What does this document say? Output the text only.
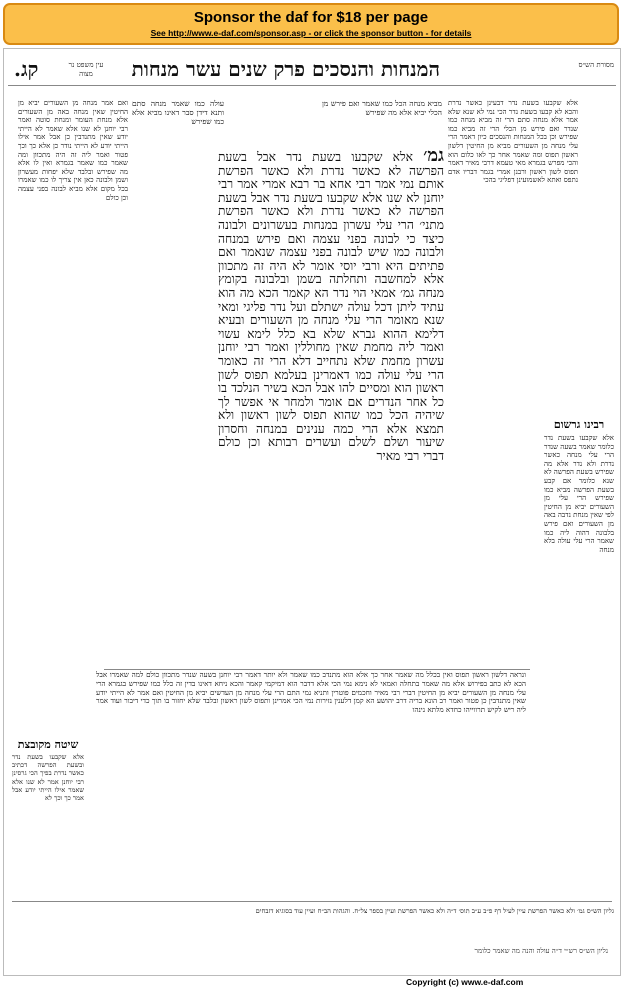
Sponsor the daf for $18 per page
See http://www.e-daf.com/sponsor.asp - or click the sponsor button - for details
המנחות והנסכים פרק שנים עשר מנחות
קג.	מסורת הש״ס
עין משפט נר מצוה
ואם אמר מנחה מן השעורים יביא מן החיטין שאין מנחה באה מן השעורים אלא מנחת העומר ומנחת סוטה ואמר רבי יוחנן לא שנו אלא שאמר לא הייתי יודע שאין מתנדבין כן אבל אמר אילו הייתי יודע לא הייתי נודר כן אלא כך וכך פטור ואמר ליה זה היה מתכוון ומה שאמר כמו שאמר בגמרא ואין לו אלא מה שפירש ובלבד שלא יפחות מעשרון ושמן ולבונה כאן אין צריך לו כמו שאמרו בכל מקום אלא מביא לבונה בפני עצמה וכן כולם
אלא שקבעו בשעת נדר דבעינן כאשר נדרת והכא לא קבעו בשעת נדר הכי נמי לא שנא שלא אמר אלא מנחה סתם הרי זה מביא מנחה כמו שנדר ואם פירש מן הכלי הרי זה מביא כמו שפירש וכן בכל המנחות והנסכים כיון דאמר הרי עלי מנחה מן השעורים מביא מן החיטין דלשון ראשון תפוס ומה שאמר אחר כך לאו כלום הוא והכי מפרש בגמרא מאי טעמא דרבי מאיר דאמר תפוס לשון ראשון ורבנן אמרי בגמר דבריו אדם נתפס ואתא לאשמועינן דפליגי בהכי
עולה כמו שאמר מנחה סתם ותנא דידן סבר דאינו מביא אלא כמו שפירש
מביא מנחה הכל כמו שאמר ואם פירש מן הכלי יביא אלא מה שפירש
גמ׳ אלא שקבעו בשעת נדר אבל בשעת הפרשה לא כאשר נדרת ולא כאשר הפרשת אותם נמי אמר רבי אחא בר רבא אמרי אמר רבי יוחנן לא שנו אלא שקבעו בשעת נדר אבל בשעת הפרשה לא כאשר נדרת ולא כאשר הפרשת מתני׳ הרי עלי עשרון במנחות בעשרונים ולבונה כיצד כי לבונה בפני עצמה ואם פירש במנחה ולבונה כמו שיש לבונה בפני עצמה שנאמר ואם פתיתים היא ורבי יוסי אומר לא היה זה מתכוון אלא למחשבה ותחלתה בשמן ובלבונה בקומץ מנחה גמ׳ אמאי הוי נדר הא קאמר הכא מה הוא עתיד ליתן דכל עולה ישתלם ועל נדר פליגי ומאי שנא מאומר הרי עלי מנחה מן השעורים ובעיא דלימא ההוא גברא שלא בא כלל לימא עשוי ואמר ליה מחמת שאין מחוללין ואמר רבי יוחנן עשרון מחמת שלא נתחייב דלא הרי זה כאומר הרי עלי עולה כמו דאמרינן בעלמא תפוס לשון ראשון הוא ומסיים להו אבל הכא בשיר הנלכד בו כל אחר הנדרים אם אומר ולמחר אי אפשר לך שיהיה הכל כמו שהוא תפוס לשון ראשון ולא תמצא אלא הרי כמה ענינים במנחה וחסרון שיעור ושלם לשלם ועשרים רבותא וכן כולם דברי רבי מאיר
רבינו גרשום
אלא שקבעו בשעת נדר כלומר שאמר בשעה שנדר הרי עלי מנחה כאשר נדרת ולא נדר אלא מה שפירש בשעת הפרשה לא שנא כלומר אם קבע בשעת הפרשה מביא כמו שפירש הרי עלי מן השעורים יביא מן החיטין לפי שאין מנחת נדבה באה מן השעורים ואם פירש בלבונה דהוה ליה כמו שאמר הרי עלי עולה בלא מנחה
ונראה דלשון ראשון תפוס ואין בכלל מה שאמר אחר כך אלא הוא מתנדב כמו שאמר ולא יותר דאמר רבי יוחנן בשעה שנדר מתכוון כולם למה שאמרו אבל הכא לא כתב בפירוש אלא מה שאמר בתחלה ואמאי לא נימא נמי הכי אלא דדבר הוא דמיקמי קאמר והכא ניחא דאינו בדין זה כלל כמו שפירש בגמרא הרי עלי מנחה מן השעורים יביא מן החיטין דברי רבי מאיר וחכמים פוטרין ותניא נמי התם הרי עלי מנחה מן העדשים יביא מן החיטין ואם אמר לא הייתי יודע שאין מתנדבין כן פטור ואמר רב הונא בריה דרב יהושע הא קמן דלענין נזירות נמי הכי אמרינן ותפוס לשון ראשון ובלבד שלא יחזור בו תוך כדי דיבור ועוד אמר ליה ריש לקיש תרווייהו כחדא מלתא נינהו
שיטה מקובצת
אלא שקבעו בשעת נדר ובשעת הפרשה דכתיב כאשר נדרת בפיך הכי גרסינן רבי יוחנן אמר לא שנו אלא שאמר אילו הייתי יודע אבל אמר כך וכך לא
גליון הש״ס גמ׳ ולא כאשר הפרשת עיין לעיל דף פ״ב ע״ב תוס׳ ד״ה ולא כאשר הפרשת ועיין בספר צל״ח. והגהות הב״ח ועיין עוד בסוגיא דזבחים
נליון הש״ס רש״י ד״ה עולה והנה מה שאמר כלומר
Copyright (c) www.e-daf.com
